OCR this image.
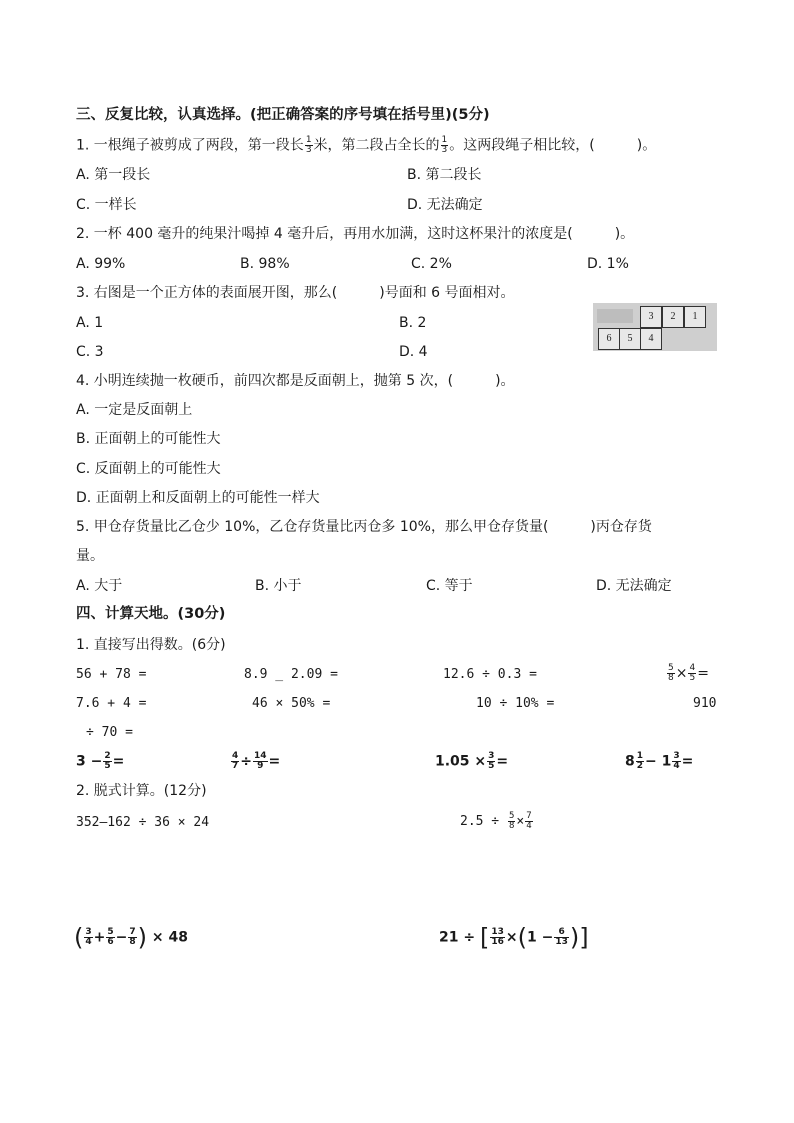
三、反复比较，认真选择。(把正确答案的序号填在括号里)(5分)
1. 一根绳子被剪成了两段，第一段长 $\frac{1}{3}$ 米，第二段占全长的 $\frac{1}{3}$ 。这两段绳子相比较，(　　　)。
A. 第一段长	B. 第二段长
C. 一样长	D. 无法确定
2. 一杯 400 毫升的纯果汁喝掉 4 毫升后，再用水加满，这时这杯果汁的浓度是(　　　)。
A. 99%	B. 98%	C. 2%	D. 1%
3. 右图是一个正方体的表面展开图，那么(　　　)号面和 6 号面相对。
A. 1	B. 2
C. 3	D. 4
3	2	1
6	5	4
4. 小明连续抛一枚硬币，前四次都是反面朝上，抛第 5 次，(　　　)。
A. 一定是反面朝上
B. 正面朝上的可能性大
C. 反面朝上的可能性大
D. 正面朝上和反面朝上的可能性一样大
5. 甲仓存货量比乙仓少 10%，乙仓存货量比丙仓多 10%，那么甲仓存货量(　　　)丙仓存货
量。
A. 大于	B. 小于	C. 等于	D. 无法确定
四、计算天地。(30分)
1. 直接写出得数。(6分)
56 + 78 =	8.9 _ 2.09 =	12.6 ÷ 0.3 =	$\frac{5}{8} \times \frac{4}{5}$ =
7.6 + 4 =	46 × 50% =	10 ÷ 10% =	910
÷ 70 =
$3 - \frac{2}{5}$ =	$\frac{4}{7} \div \frac{14}{9}$ =	$1.05 \times \frac{3}{5}$ =	$8 \frac{1}{2} - 1 \frac{3}{4}$ =
2. 脱式计算。(12分)
352—162 ÷ 36 × 24	$2.5 \div \frac{5}{8} \times \frac{7}{4}$
( $\frac{3}{4} + \frac{5}{6} - \frac{7}{8}$ ) × 48	21 ÷ [ $\frac{13}{16} \times(1 - \frac{6}{13}$ )]
